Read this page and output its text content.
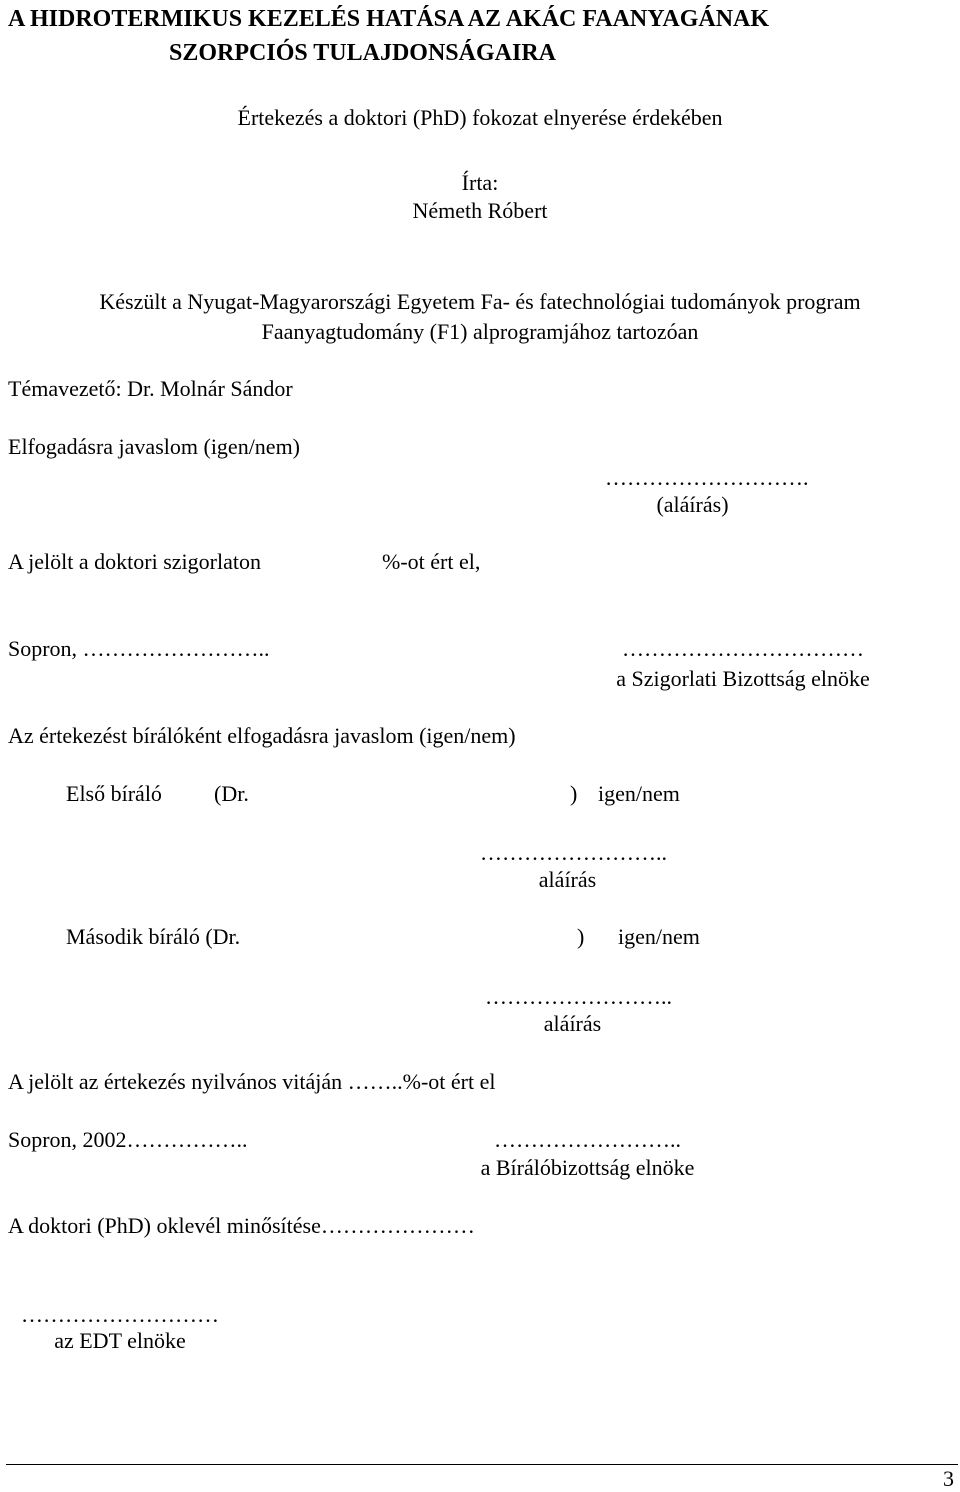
A HIDROTERMIKUS KEZELÉS HATÁSA AZ AKÁC FAANYAGÁNAK
SZORPCIÓS TULAJDONSÁGAIRA
Értekezés a doktori (PhD) fokozat elnyerése érdekében
Írta:
Németh Róbert
Készült a Nyugat-Magyarországi Egyetem Fa- és fatechnológiai tudományok program
Faanyagtudomány (F1) alprogramjához tartozóan
Témavezető: Dr. Molnár Sándor
Elfogadásra javaslom (igen/nem)
……………………….
(aláírás)
A jelölt a doktori szigorlaton	%-ot ért el,
Sopron, ……………………..	……………………………
a Szigorlati Bizottság elnöke
Az értekezést bírálóként elfogadásra javaslom (igen/nem)
Első bíráló (Dr.	) igen/nem
……………………..
aláírás
Második bíráló (Dr.	) igen/nem
……………………..
aláírás
A jelölt az értekezés nyilvános vitáján ……..%-ot ért el
Sopron, 2002……………..	……………………..
a Bírálóbizottság elnöke
A doktori (PhD) oklevél minősítése…………………
………………………
az EDT elnöke
3
